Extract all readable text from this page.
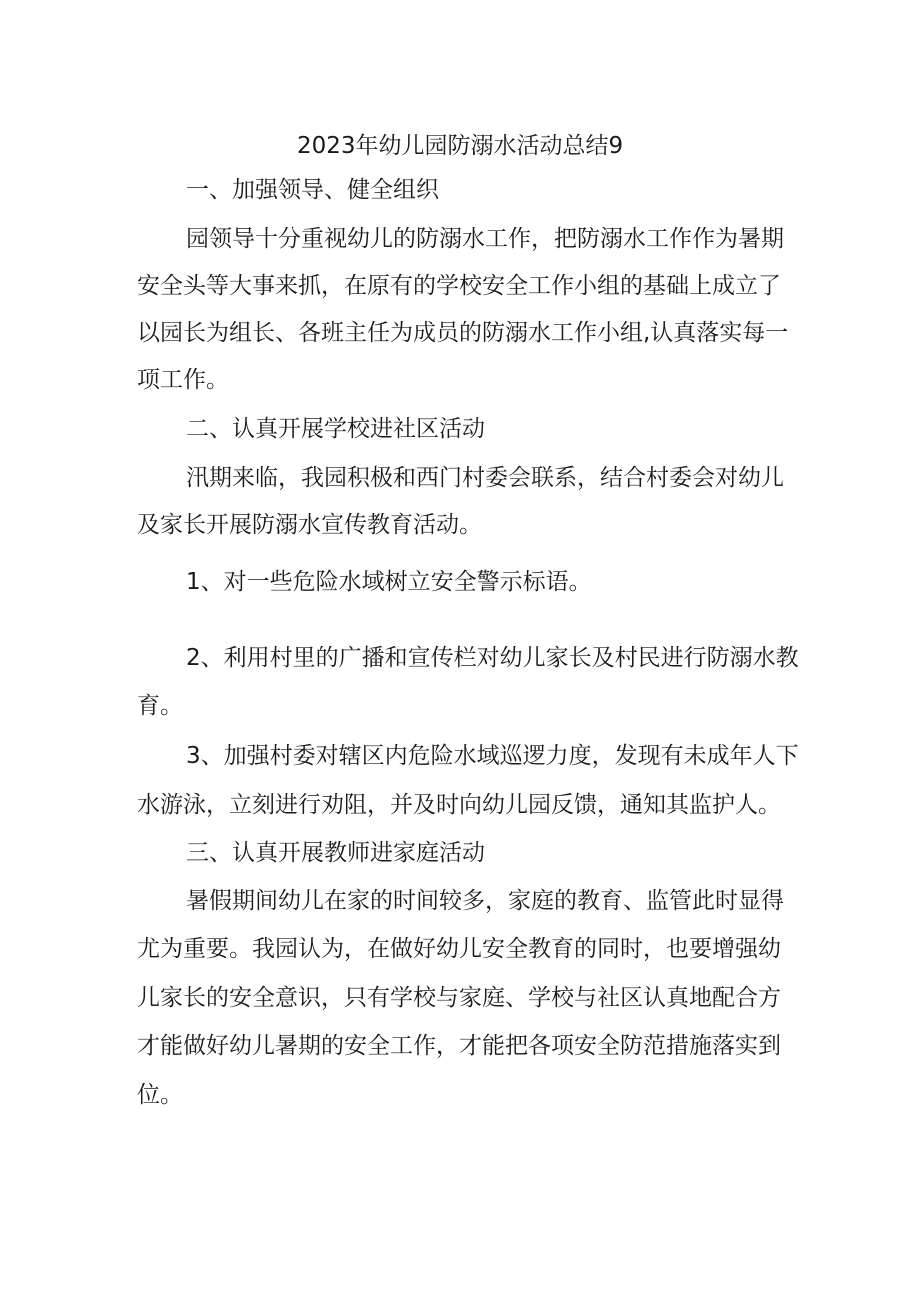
2023年幼儿园防溺水活动总结9
一、加强领导、健全组织
园领导十分重视幼儿的防溺水工作，把防溺水工作作为暑期
安全头等大事来抓，在原有的学校安全工作小组的基础上成立了
以园长为组长、各班主任为成员的防溺水工作小组,认真落实每一
项工作。
二、认真开展学校进社区活动
汛期来临，我园积极和西门村委会联系，结合村委会对幼儿
及家长开展防溺水宣传教育活动。
1、对一些危险水域树立安全警示标语。
2、利用村里的广播和宣传栏对幼儿家长及村民进行防溺水教
育。
3、加强村委对辖区内危险水域巡逻力度，发现有未成年人下
水游泳，立刻进行劝阻，并及时向幼儿园反馈，通知其监护人。
三、认真开展教师进家庭活动
暑假期间幼儿在家的时间较多，家庭的教育、监管此时显得
尤为重要。我园认为，在做好幼儿安全教育的同时，也要增强幼
儿家长的安全意识，只有学校与家庭、学校与社区认真地配合方
才能做好幼儿暑期的安全工作，才能把各项安全防范措施落实到
位。
